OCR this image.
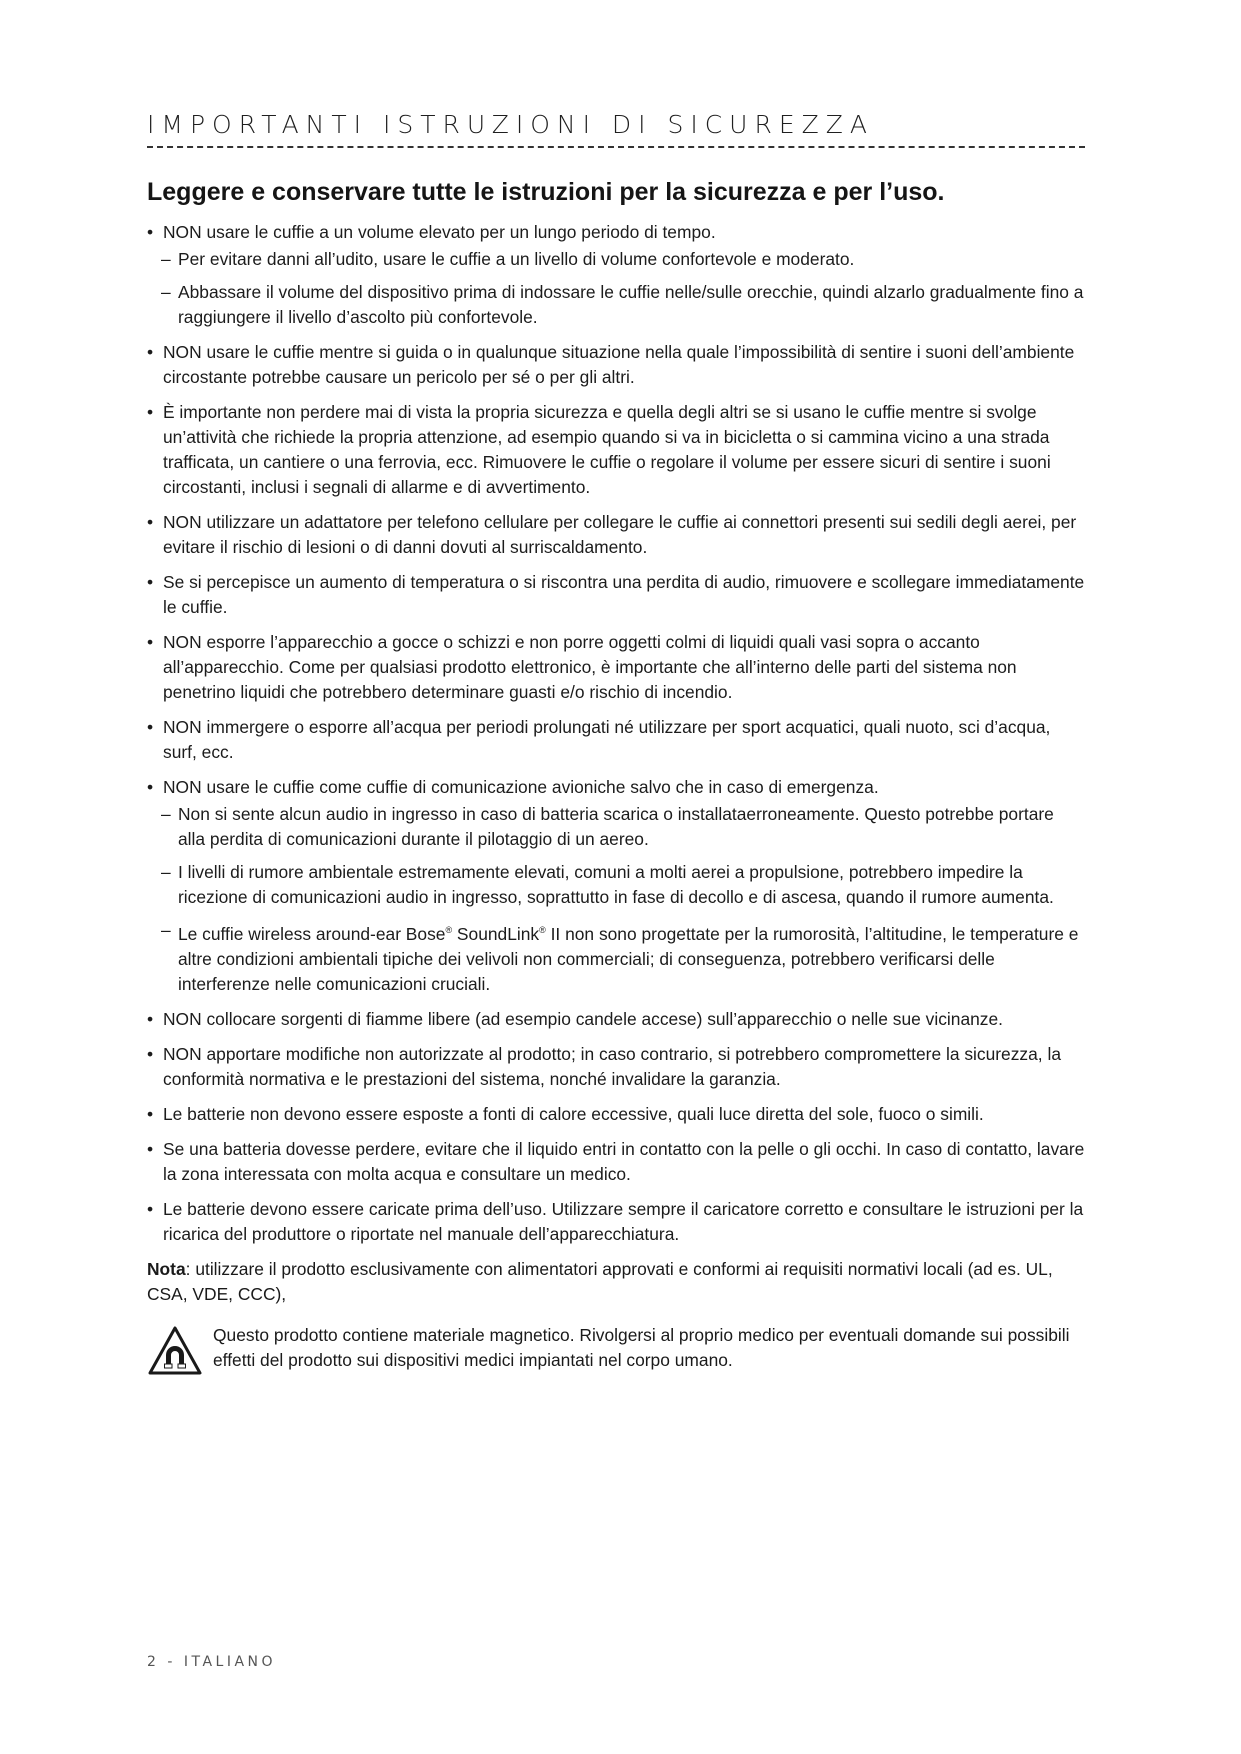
IMPORTANTI ISTRUZIONI DI SICUREZZA
Leggere e conservare tutte le istruzioni per la sicurezza e per l’uso.
• NON usare le cuffie a un volume elevato per un lungo periodo di tempo.
– Per evitare danni all’udito, usare le cuffie a un livello di volume confortevole e moderato.
– Abbassare il volume del dispositivo prima di indossare le cuffie nelle/sulle orecchie, quindi alzarlo gradualmente fino a raggiungere il livello d’ascolto più confortevole.
• NON usare le cuffie mentre si guida o in qualunque situazione nella quale l’impossibilità di sentire i suoni dell’ambiente circostante potrebbe causare un pericolo per sé o per gli altri.
• È importante non perdere mai di vista la propria sicurezza e quella degli altri se si usano le cuffie mentre si svolge un’attività che richiede la propria attenzione, ad esempio quando si va in bicicletta o si cammina vicino a una strada trafficata, un cantiere o una ferrovia, ecc. Rimuovere le cuffie o regolare il volume per essere sicuri di sentire i suoni circostanti, inclusi i segnali di allarme e di avvertimento.
• NON utilizzare un adattatore per telefono cellulare per collegare le cuffie ai connettori presenti sui sedili degli aerei, per evitare il rischio di lesioni o di danni dovuti al surriscaldamento.
• Se si percepisce un aumento di temperatura o si riscontra una perdita di audio, rimuovere e scollegare immediatamente le cuffie.
• NON esporre l’apparecchio a gocce o schizzi e non porre oggetti colmi di liquidi quali vasi sopra o accanto all’apparecchio. Come per qualsiasi prodotto elettronico, è importante che all’interno delle parti del sistema non penetrino liquidi che potrebbero determinare guasti e/o rischio di incendio.
• NON immergere o esporre all’acqua per periodi prolungati né utilizzare per sport acquatici, quali nuoto, sci d’acqua, surf, ecc.
• NON usare le cuffie come cuffie di comunicazione avioniche salvo che in caso di emergenza.
– Non si sente alcun audio in ingresso in caso di batteria scarica o installataerroneamente. Questo potrebbe portare alla perdita di comunicazioni durante il pilotaggio di un aereo.
– I livelli di rumore ambientale estremamente elevati, comuni a molti aerei a propulsione, potrebbero impedire la ricezione di comunicazioni audio in ingresso, soprattutto in fase di decollo e di ascesa, quando il rumore aumenta.
– Le cuffie wireless around-ear Bose® SoundLink® II non sono progettate per la rumorosità, l’altitudine, le temperature e altre condizioni ambientali tipiche dei velivoli non commerciali; di conseguenza, potrebbero verificarsi delle interferenze nelle comunicazioni cruciali.
• NON collocare sorgenti di fiamme libere (ad esempio candele accese) sull’apparecchio o nelle sue vicinanze.
• NON apportare modifiche non autorizzate al prodotto; in caso contrario, si potrebbero compromettere la sicurezza, la conformità normativa e le prestazioni del sistema, nonché invalidare la garanzia.
• Le batterie non devono essere esposte a fonti di calore eccessive, quali luce diretta del sole, fuoco o simili.
• Se una batteria dovesse perdere, evitare che il liquido entri in contatto con la pelle o gli occhi. In caso di contatto, lavare la zona interessata con molta acqua e consultare un medico.
• Le batterie devono essere caricate prima dell’uso. Utilizzare sempre il caricatore corretto e consultare le istruzioni per la ricarica del produttore o riportate nel manuale dell’apparecchiatura.

Nota: utilizzare il prodotto esclusivamente con alimentatori approvati e conformi ai requisiti normativi locali (ad es. UL, CSA, VDE, CCC),

Questo prodotto contiene materiale magnetico. Rivolgersi al proprio medico per eventuali domande sui possibili effetti del prodotto sui dispositivi medici impiantati nel corpo umano.
2 - ITALIANO
